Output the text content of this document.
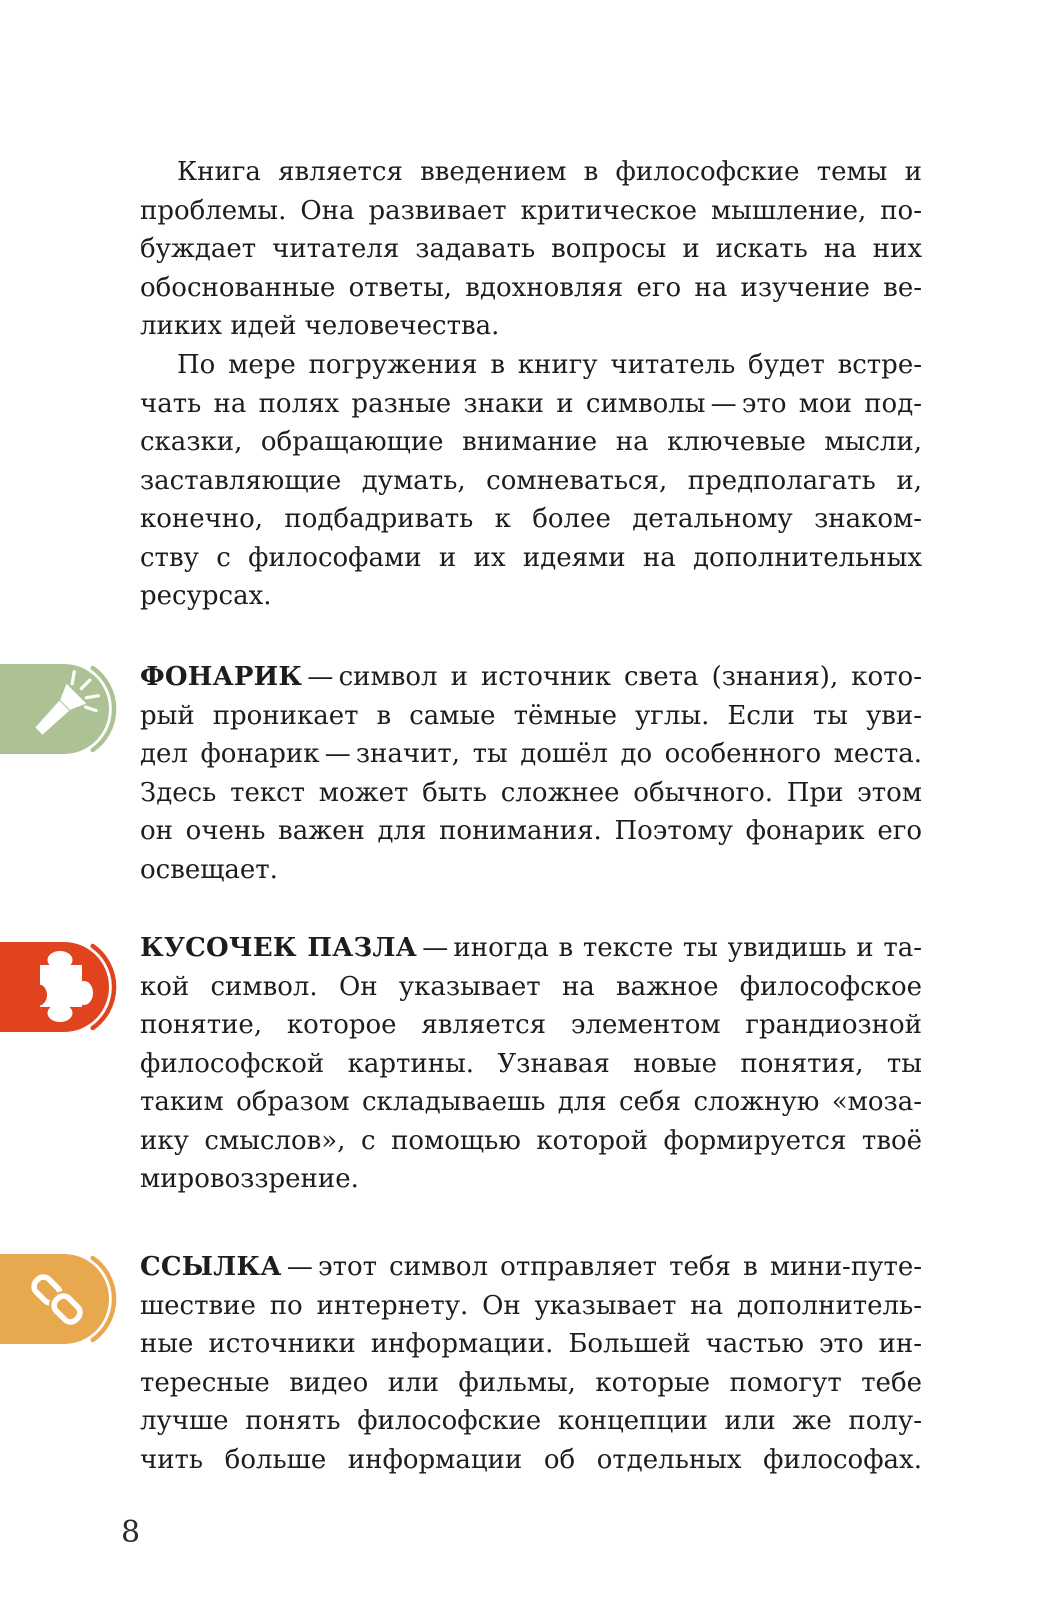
Книга является введением в философские темы и
проблемы. Она развивает критическое мышление, по-
буждает читателя задавать вопросы и искать на них
обоснованные ответы, вдохновляя его на изучение ве-
ликих идей человечества.
По мере погружения в книгу читатель будет встре-
чать на полях разные знаки и символы — это мои под-
сказки, обращающие внимание на ключевые мысли,
заставляющие думать, сомневаться, предполагать и,
конечно, подбадривать к более детальному знаком-
ству с философами и их идеями на дополнительных
ресурсах.
ФОНАРИК — символ и источник света (знания), кото-
рый проникает в самые тёмные углы. Если ты уви-
дел фонарик — значит, ты дошёл до особенного места.
Здесь текст может быть сложнее обычного. При этом
он очень важен для понимания. Поэтому фонарик его
освещает.
КУСОЧЕК ПАЗЛА — иногда в тексте ты увидишь и та-
кой символ. Он указывает на важное философское
понятие, которое является элементом грандиозной
философской картины. Узнавая новые понятия, ты
таким образом складываешь для себя сложную «моза-
ику смыслов», с помощью которой формируется твоё
мировоззрение.
ССЫЛКА — этот символ отправляет тебя в мини-путе-
шествие по интернету. Он указывает на дополнитель-
ные источники информации. Большей частью это ин-
тересные видео или фильмы, которые помогут тебе
лучше понять философские концепции или же полу-
чить больше информации об отдельных философах.
8
